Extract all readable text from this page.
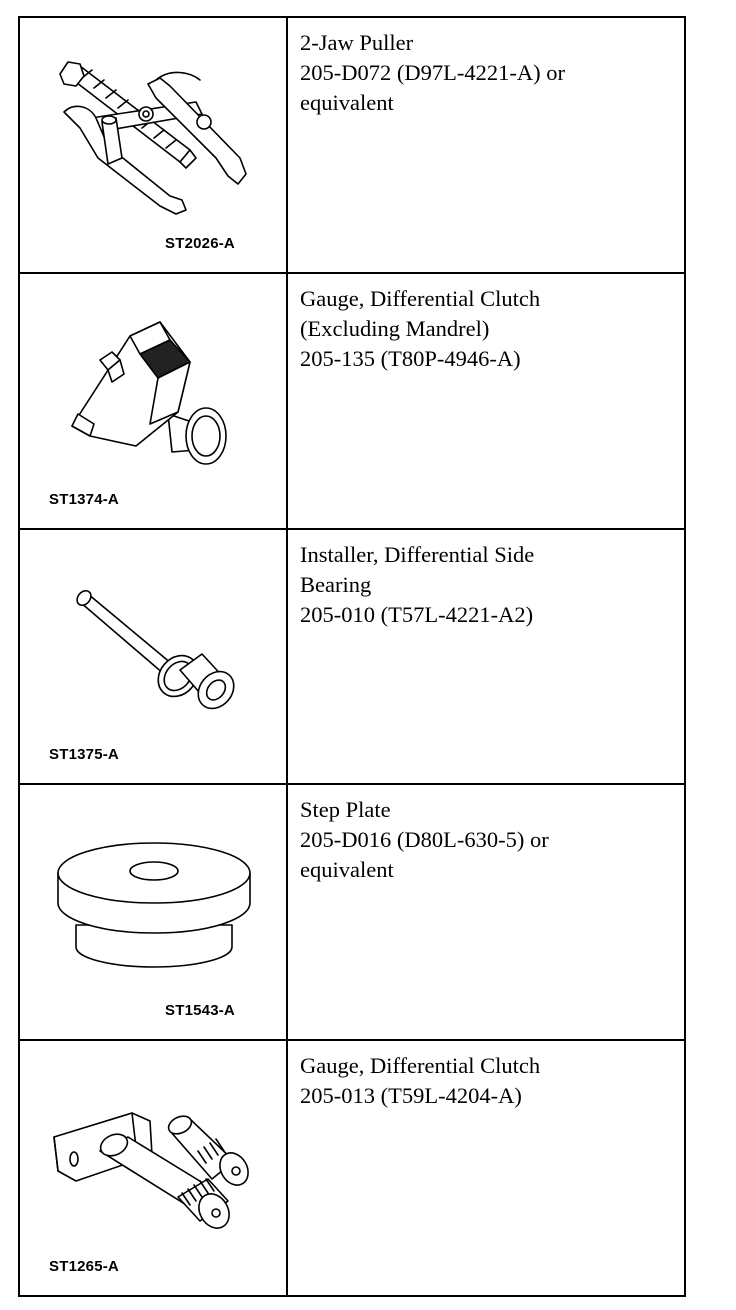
ST2026-A
2-Jaw Puller
205-D072 (D97L-4221-A) or
equivalent
ST1374-A
Gauge, Differential Clutch
(Excluding Mandrel)
205-135 (T80P-4946-A)
ST1375-A
Installer, Differential Side
Bearing
205-010 (T57L-4221-A2)
ST1543-A
Step Plate
205-D016 (D80L-630-5) or
equivalent
ST1265-A
Gauge, Differential Clutch
205-013 (T59L-4204-A)
